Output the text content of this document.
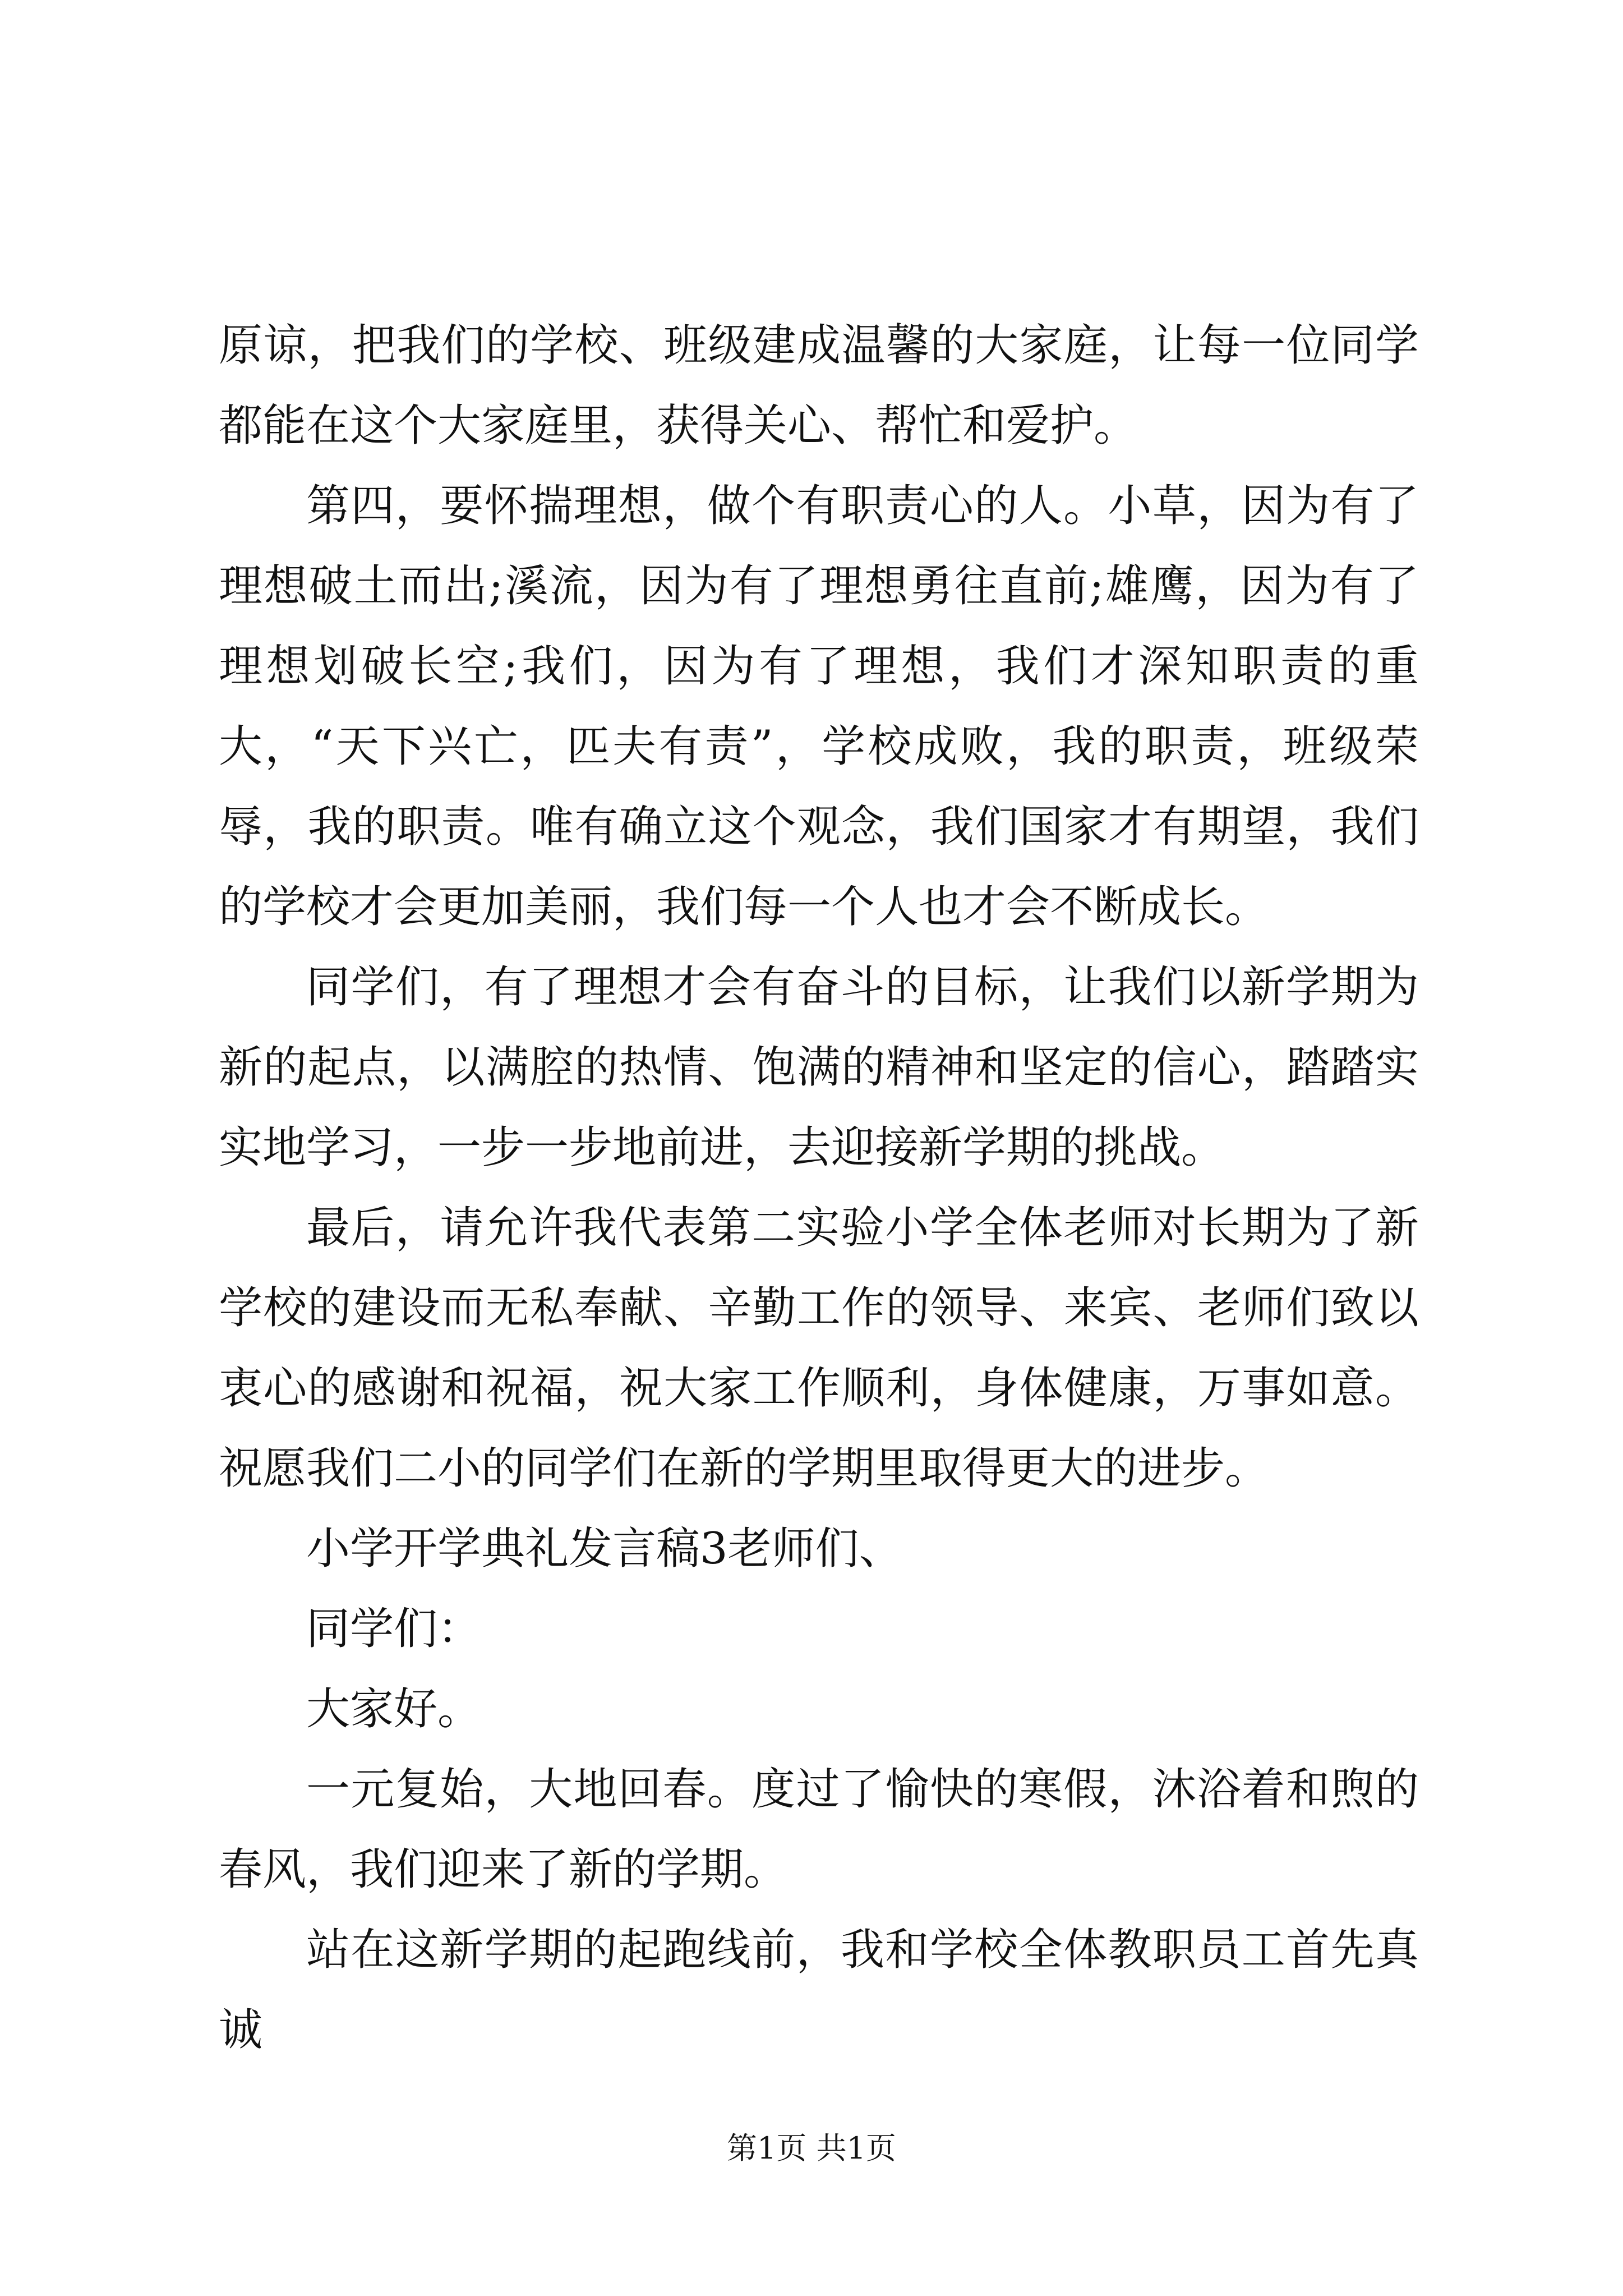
原谅，把我们的学校、班级建成温馨的大家庭，让每一位同学都能在这个大家庭里，获得关心、帮忙和爱护。

第四，要怀揣理想，做个有职责心的人。小草，因为有了理想破土而出;溪流，因为有了理想勇往直前;雄鹰，因为有了理想划破长空;我们，因为有了理想，我们才深知职责的重大，“天下兴亡，匹夫有责”，学校成败，我的职责，班级荣辱，我的职责。唯有确立这个观念，我们国家才有期望，我们的学校才会更加美丽，我们每一个人也才会不断成长。

同学们，有了理想才会有奋斗的目标，让我们以新学期为新的起点，以满腔的热情、饱满的精神和坚定的信心，踏踏实实地学习，一步一步地前进，去迎接新学期的挑战。

最后，请允许我代表第二实验小学全体老师对长期为了新学校的建设而无私奉献、辛勤工作的领导、来宾、老师们致以衷心的感谢和祝福，祝大家工作顺利，身体健康，万事如意。祝愿我们二小的同学们在新的学期里取得更大的进步。

小学开学典礼发言稿3老师们、

同学们：

大家好。

一元复始，大地回春。度过了愉快的寒假，沐浴着和煦的春风，我们迎来了新的学期。

站在这新学期的起跑线前，我和学校全体教职员工首先真诚

第1页 共1页
